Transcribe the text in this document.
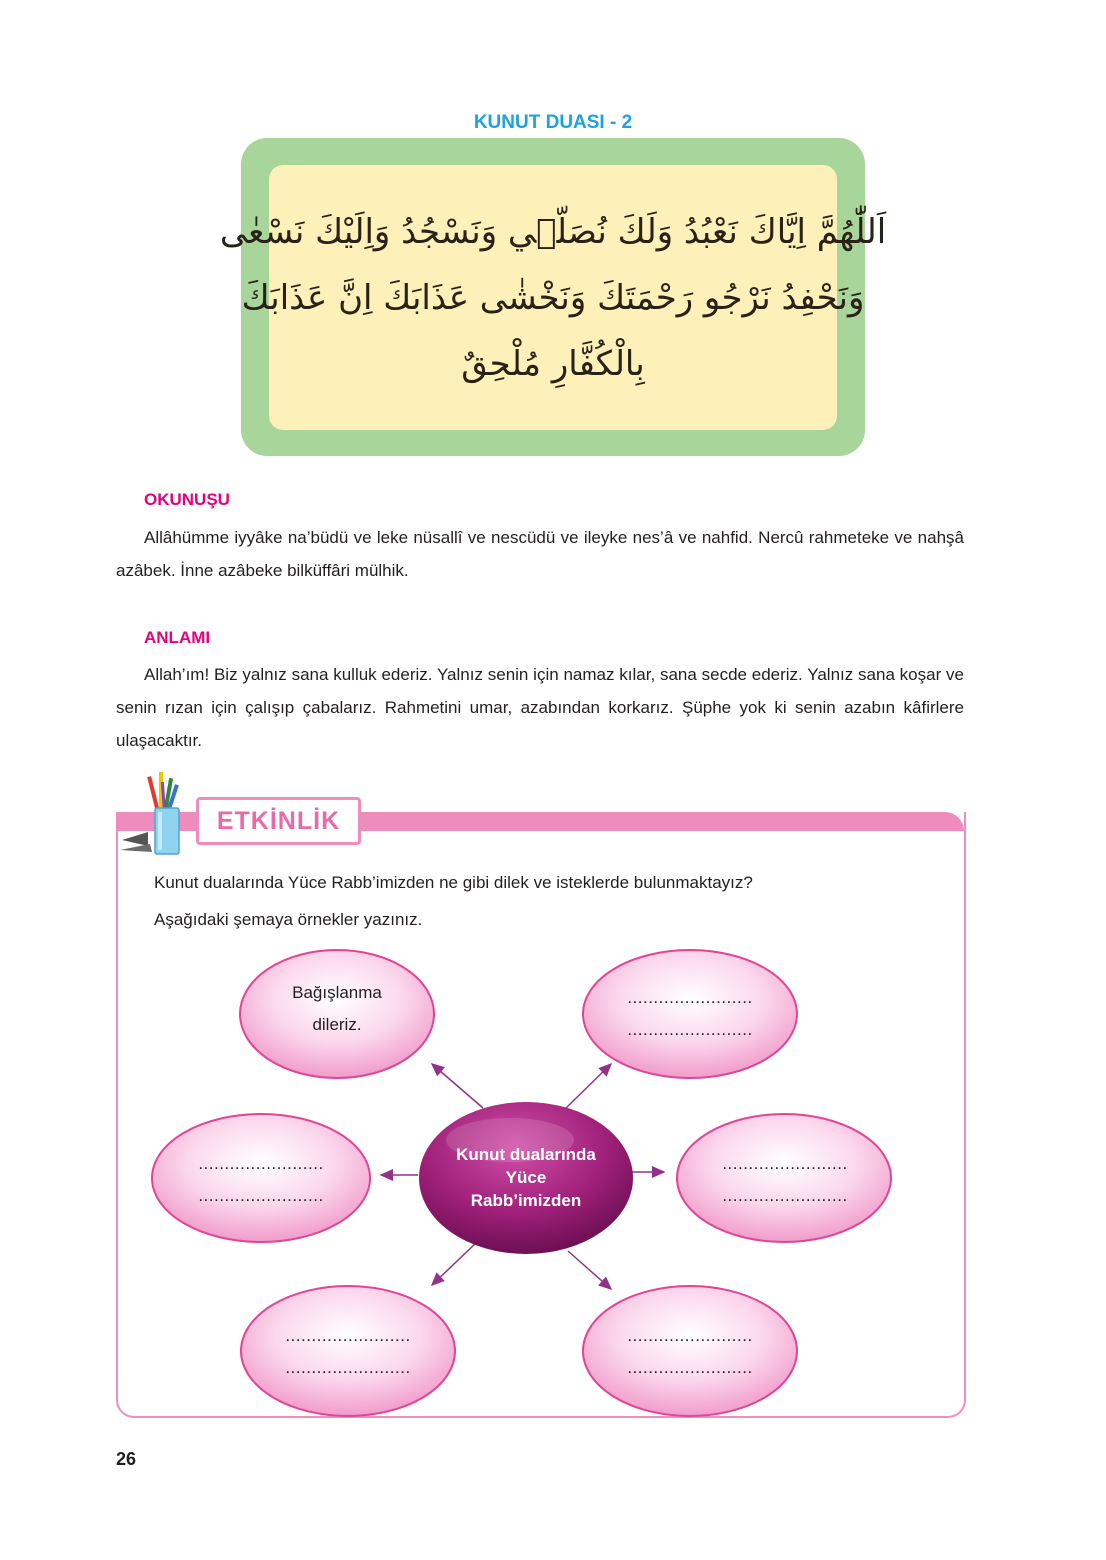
KUNUT DUASI - 2
اَللّٰهُمَّ اِيَّاكَ نَعْبُدُ وَلَكَ نُصَلّ۪ي وَنَسْجُدُ وَاِلَيْكَ نَسْعٰى
وَنَحْفِدُ نَرْجُو رَحْمَتَكَ وَنَخْشٰى عَذَابَكَ اِنَّ عَذَابَكَ
بِالْكُفَّارِ مُلْحِقٌ
OKUNUŞU

Allâhümme iyyâke na’büdü ve leke nüsallî ve nescüdü ve ileyke nes’â ve nahfid. Nercû rahmeteke ve nahşâ azâbek. İnne azâbeke bilküffâri mülhik.

ANLAMI

Allah’ım! Biz yalnız sana kulluk ederiz. Yalnız senin için namaz kılar, sana secde ederiz. Yalnız sana koşar ve senin rızan için çalışıp çabalarız. Rahmetini umar, azabından korkarız. Şüphe yok ki senin azabın kâfirlere ulaşacaktır.

ETKİNLİK
Kunut dualarında Yüce Rabb’imizden ne gibi dilek ve isteklerde bulunmaktayız?
Aşağıdaki şemaya örnekler yazınız.
Kunut dualarında
Yüce
Rabb’imizden
Bağışlanma
dileriz.
........................
........................
........................
........................
........................
........................
........................
........................
........................
........................
26
